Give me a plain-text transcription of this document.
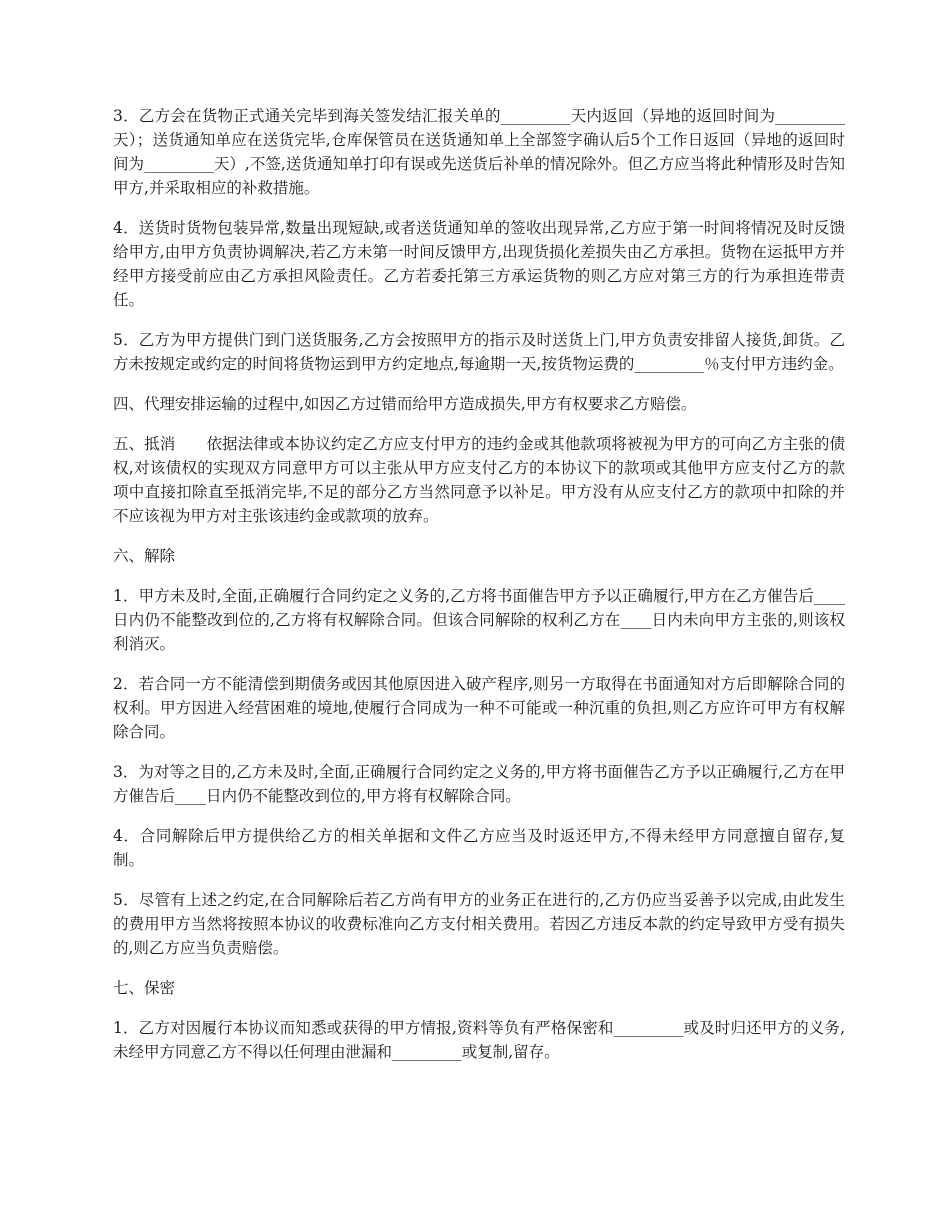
3．乙方会在货物正式通关完毕到海关签发结汇报关单的_________天内返回（异地的返回时间为_________天）；送货通知单应在送货完毕,仓库保管员在送货通知单上全部签字确认后5个工作日返回（异地的返回时间为_________天）,不签,送货通知单打印有误或先送货后补单的情况除外。但乙方应当将此种情形及时告知甲方,并采取相应的补救措施。

4．送货时货物包装异常,数量出现短缺,或者送货通知单的签收出现异常,乙方应于第一时间将情况及时反馈给甲方,由甲方负责协调解决,若乙方未第一时间反馈甲方,出现货损化差损失由乙方承担。货物在运抵甲方并经甲方接受前应由乙方承担风险责任。乙方若委托第三方承运货物的则乙方应对第三方的行为承担连带责任。

5．乙方为甲方提供门到门送货服务,乙方会按照甲方的指示及时送货上门,甲方负责安排留人接货,卸货。乙方未按规定或约定的时间将货物运到甲方约定地点,每逾期一天,按货物运费的_________％支付甲方违约金。

四、代理安排运输的过程中,如因乙方过错而给甲方造成损失,甲方有权要求乙方赔偿。

五、抵消　　依据法律或本协议约定乙方应支付甲方的违约金或其他款项将被视为甲方的可向乙方主张的债权,对该债权的实现双方同意甲方可以主张从甲方应支付乙方的本协议下的款项或其他甲方应支付乙方的款项中直接扣除直至抵消完毕,不足的部分乙方当然同意予以补足。甲方没有从应支付乙方的款项中扣除的并不应该视为甲方对主张该违约金或款项的放弃。

六、解除

1．甲方未及时,全面,正确履行合同约定之义务的,乙方将书面催告甲方予以正确履行,甲方在乙方催告后____日内仍不能整改到位的,乙方将有权解除合同。但该合同解除的权利乙方在____日内未向甲方主张的,则该权利消灭。

2．若合同一方不能清偿到期债务或因其他原因进入破产程序,则另一方取得在书面通知对方后即解除合同的权利。甲方因进入经营困难的境地,使履行合同成为一种不可能或一种沉重的负担,则乙方应许可甲方有权解除合同。

3．为对等之目的,乙方未及时,全面,正确履行合同约定之义务的,甲方将书面催告乙方予以正确履行,乙方在甲方催告后____日内仍不能整改到位的,甲方将有权解除合同。

4．合同解除后甲方提供给乙方的相关单据和文件乙方应当及时返还甲方,不得未经甲方同意擅自留存,复制。

5．尽管有上述之约定,在合同解除后若乙方尚有甲方的业务正在进行的,乙方仍应当妥善予以完成,由此发生的费用甲方当然将按照本协议的收费标准向乙方支付相关费用。若因乙方违反本款的约定导致甲方受有损失的,则乙方应当负责赔偿。

七、保密

1．乙方对因履行本协议而知悉或获得的甲方情报,资料等负有严格保密和_________或及时归还甲方的义务,未经甲方同意乙方不得以任何理由泄漏和_________或复制,留存。
